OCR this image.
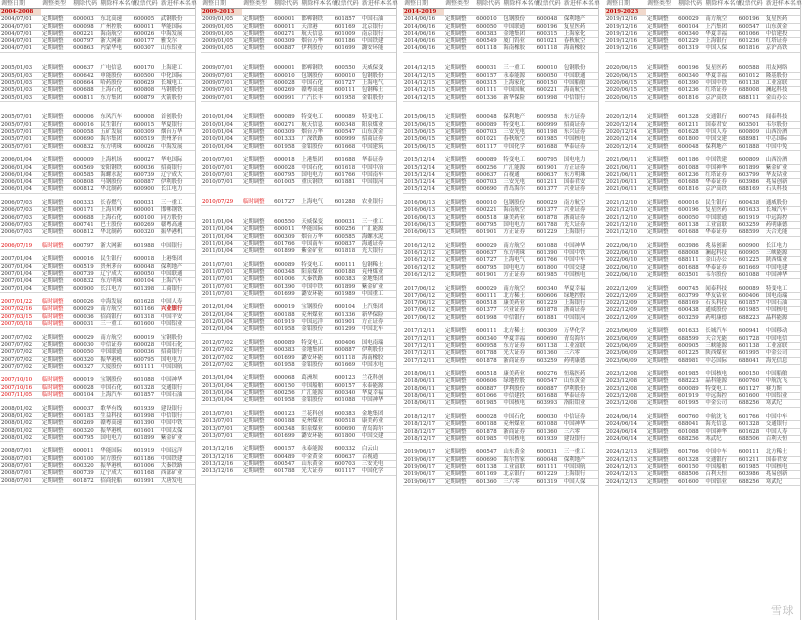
调整日期	调整类型	剔除代码	剔除样本名单	股票代码	新进样本名单
2004-2008					
2004/07/01	定期调整	600003	东北高速	600005	武钢股份
2004/07/01	定期调整	600098	广州控股	600011	华能国际
2004/07/01	定期调整	600221	海南航空	600026	中海发展
2004/07/01	定期调整	600797	浙大网新	600177	雅戈尔
2004/07/01	定期调整	600863	内蒙华电	600307	山东铝业

2005/01/03	定期调整	600637	广电信息	600170	上海建工
2005/01/03	定期调整	600642	申能股份	600500	中化国际
2005/01/03	定期调整	600664	哈药股份	600629	长城电工
2005/01/03	定期调整	600688	上海石化	600808	马钢股份
2005/01/03	定期调整	600811	东方集团	600879	火箭股份

2005/07/01	定期调整	600006	东风汽车	600008	首创股份
2005/07/01	定期调整	600016	民生银行	600015	华夏银行
2005/07/01	定期调整	600058	五矿发展	600309	烟台万华
2005/07/01	定期调整	600690	海尔集团	600519	贵州茅台
2005/07/01	定期调整	600832	东方明珠	600026	中海发展

2006/01/04	定期调整	600009	上海机场	600027	华电国际
2006/01/04	定期调整	600569	安阳钢铁	600036	招商银行
2006/01/04	定期调整	600585	海螺水泥	600739	辽宁成大
2006/01/04	定期调整	600808	马钢股份	600887	伊利股份
2006/01/04	定期调整	600812	华北制药	600900	长江电力

2006/07/03	定期调整	600333	长春燃气	600031	三一重工
2006/07/03	定期调整	600171	上海贝岭	600001	邯郸钢铁
2006/07/03	定期调整	600688	上海石化	600100	同方股份
2006/07/03	定期调整	600741	巴士股份	600269	赣粤高速
2006/07/03	定期调整	600812	华北制药	600320	振华港机

2006/07/19	临时调整	600797	浙大网新	601988	中国银行

2007/01/04	定期调整	600016	民生银行	600018	上港集团
2007/01/04	定期调整	600519	贵州茅台	600048	保利地产
2007/01/04	定期调整	600739	辽宁成大	600050	中国联通
2007/01/04	定期调整	600832	东方明珠	600104	上海汽车
2007/01/04	定期调整	600900	长江电力	601398	工商银行

2007/01/22	临时调整	600026	中海发展	601628	中国人寿
2007/02/16	临时调整	600029	南方航空	601166	兴业银行
2007/03/15	临时调整	600036	招商银行	601318	中国平安
2007/05/18	临时调整	600031	三一重工	601600	中国铝业

2007/07/02	定期调整	600029	南方航空	600019	宝钢股份
2007/07/02	定期调整	600030	中信证券	600028	中国石化
2007/07/02	定期调整	600050	中国联通	600036	招商银行
2007/07/02	定期调整	600320	振华港机	600795	国电电力
2007/07/02	定期调整	600327	大厦股份	601111	中国国航

2007/10/10	临时调整	600019	宝钢股份	601088	中国神华
2007/10/16	临时调整	600028	中国石化	601328	交通银行
2007/11/05	临时调整	600104	上海汽车	601857	中国石油

2008/01/02	定期调整	600037	歌华有线	601939	建设银行
2008/01/02	定期调整	600183	生益科技	601998	中信银行
2008/01/02	定期调整	600269	赣粤高速	601390	中国中铁
2008/01/02	定期调整	600320	振华港机	601601	中国太保
2008/01/02	定期调整	600795	国电电力	601899	紫金矿业

2008/07/01	定期调整	600011	华能国际	601919	中国远洋
2008/07/01	定期调整	600100	同方股份	601186	中国铁建
2008/07/01	定期调整	600320	振华港机	601006	大秦铁路
2008/07/01	定期调整	600739	辽宁成大	601168	西部矿业
2008/07/01	定期调整	601872	招商轮船	601991	大唐发电
调整日期	调整类型	剔除代码	剔除样本名单	股票代码	新进样本名单
2009-2013					
2009/01/05	定期调整	600001	邯郸钢铁	601857	中国石油
2009/01/05	定期调整	600011	天津港	601169	北京银行
2009/01/05	定期调整	600271	航天信息	601009	南京银行
2009/01/05	定期调整	600309	烟台万华	601186	中国铁建
2009/01/05	定期调整	600887	伊利股份	601699	潞安环能

2009/07/01	定期调整	600001	邯郸钢铁	600550	天威保变
2009/07/01	定期调整	600010	包钢股份	600010	包钢股份
2009/07/01	定期调整	600028	中国石化	601727	上海电气
2009/07/01	定期调整	600269	赣粤高速	600111	包钢稀土
2009/07/01	定期调整	600991	广汽长丰	601958	金钼股份

2010/01/04	定期调整	600089	特变电工	600089	特变电工
2010/01/04	定期调整	600271	航天信息	600348	阳泉煤业
2010/01/04	定期调整	600309	烟台万华	600547	山东黄金
2010/01/04	定期调整	601333	广深铁路	600999	招商证券
2010/01/04	定期调整	601958	金钼股份	601668	中国建筑

2010/07/01	定期调整	600018	上港集团	601688	华泰证券
2010/07/01	定期调整	600028	中国石化	601618	中国中冶
2010/07/01	定期调整	600795	国电电力	601766	中国南车
2010/07/01	定期调整	601005	重庆钢铁	601881	中国银河

2010/07/29	临时调整	601727	上海电气	601288	农业银行

2011/01/04	定期调整	600550	天威保变	600031	三一重工
2011/01/04	定期调整	600011	华能国际	600256	广汇能源
2011/01/04	定期调整	600309	烟台万华	600585	海螺水泥
2011/01/04	定期调整	601766	中国南车	600837	海通证券
2011/01/04	定期调整	601899	紫金矿业	601818	光大银行

2011/07/01	定期调整	600089	特变电工	600111	包钢稀土
2011/07/01	定期调整	600348	阳泉煤业	600188	兖州煤业
2011/07/01	定期调整	601006	大秦铁路	600383	金地集团
2011/07/01	定期调整	601390	中国中铁	601899	紫金矿业
2011/07/01	定期调整	601699	潞安环能	601989	中国重工

2012/01/04	定期调整	600019	宝钢股份	600104	上汽集团
2012/01/04	定期调整	600188	兖州煤业	601336	新华保险
2012/01/04	定期调整	601919	中国远洋	601901	方正证券
2012/01/04	定期调整	601958	金钼股份	601299	中国北车

2012/07/02	定期调整	600089	特变电工	600406	国电南瑞
2012/07/02	定期调整	600383	金地集团	600887	伊利股份
2012/07/02	定期调整	601699	潞安环能	601118	海南橡胶
2012/07/02	定期调整	601958	金钼股份	601669	中国水电

2013/01/04	定期调整	600068	葛洲坝	600123	兰花科创
2013/01/04	定期调整	600150	中国船舶	600157	永泰能源
2013/01/04	定期调整	600256	广汇能源	600340	华夏幸福
2013/01/04	定期调整	601958	金钼股份	601088	中国神华

2013/07/01	定期调整	600123	兰花科创	600383	金地集团
2013/07/01	定期调整	600188	兖州煤业	600518	康美药业
2013/07/01	定期调整	600348	阳泉煤业	600690	青岛海尔
2013/07/01	定期调整	601699	潞安环能	601800	中国交建

2013/12/16	定期调整	600157	永泰能源	600332	白云山
2013/12/16	定期调整	600489	中金黄金	600637	百视通
2013/12/16	定期调整	600547	山东黄金	600703	三安光电
2013/12/16	定期调整	601788	光大证券	601117	中国化学
调整日期	调整类型	剔除代码	剔除样本名单	股票代码	新进样本名单
2014-2019					
2014/06/16	定期调整	600010	包钢股份	600048	保利地产
2014/06/16	定期调整	600050	中国联通	600196	复星医药
2014/06/16	定期调整	600383	金地集团	600315	上海家化
2014/06/16	定期调整	600549	厦门钨业	601021	春秋航空
2014/06/16	定期调整	601118	海南橡胶	601118	海南橡胶

2014/12/15	定期调整	600031	三一重工	600010	包钢股份
2014/12/15	定期调整	600157	永泰能源	600050	中国联通
2014/12/15	定期调整	600315	上海家化	600150	中国船舶
2014/12/15	定期调整	601111	中国国航	600221	海南航空
2014/12/15	定期调整	601336	新华保险	601998	中信银行

2015/06/15	定期调整	600048	保利地产	600958	东方证券
2015/06/15	定期调整	600089	特变电工	600999	招商证券
2015/06/15	定期调整	600703	三安光电	601198	东兴证券
2015/06/15	定期调整	601021	春秋航空	601985	中国核电
2015/06/15	定期调整	601117	中国化学	601688	华泰证券

2015/12/14	定期调整	600089	特变电工	600795	国电电力
2015/12/14	定期调整	600256	广汇能源	601901	方正证券
2015/12/14	定期调整	600637	百视通	600637	东方明珠
2015/12/14	定期调整	600703	三安光电	601211	国泰君安
2015/12/14	定期调整	600690	青岛海尔	601377	兴业证券

2016/06/13	定期调整	600010	包钢股份	600029	南方航空
2016/06/13	定期调整	600221	海南航空	601377	兴业证券
2016/06/13	定期调整	600518	康美药业	601878	浙商证券
2016/06/13	定期调整	600795	国电电力	601788	光大证券
2016/06/13	定期调整	601901	方正证券	601229	上海银行

2016/12/12	定期调整	600029	南方航空	601088	中国神华
2016/12/12	定期调整	600637	东方明珠	601390	中国中铁
2016/12/12	定期调整	601727	上海电气	601766	中国中车
2016/12/12	定期调整	600795	国电电力	601800	中国交建
2016/12/12	定期调整	601901	方正证券	601985	中国核电

2017/06/12	定期调整	600029	南方航空	600340	华夏幸福
2017/06/12	定期调整	600111	北方稀土	600606	绿地控股
2017/06/12	定期调整	600518	康美药业	601229	上海银行
2017/06/12	定期调整	601377	兴业证券	601878	浙商证券
2017/06/12	定期调整	601998	中信银行	601881	中国银河

2017/12/11	定期调整	600111	北方稀土	600309	万华化学
2017/12/11	定期调整	600340	华夏幸福	600690	青岛海尔
2017/12/11	定期调整	600958	东方证券	601138	工业富联
2017/12/11	定期调整	601788	光大证券	601360	三六零
2017/12/11	定期调整	601878	浙商证券	603259	药明康德

2018/06/11	定期调整	600518	康美药业	600276	恒瑞医药
2018/06/11	定期调整	600606	绿地控股	600547	山东黄金
2018/06/11	定期调整	600887	伊利股份	600887	伊利股份
2018/06/11	定期调整	601066	中信建投	601688	华泰证券
2018/06/11	定期调整	601985	中国核电	603993	洛阳钼业

2018/12/17	定期调整	600028	中国石化	600030	中信证券
2018/12/17	定期调整	600188	兖州煤业	601088	中国神华
2018/12/17	定期调整	601878	浙商证券	601360	三六零
2018/12/17	定期调整	601985	中国核电	601939	建设银行

2019/06/17	定期调整	600547	山东黄金	600031	三一重工
2019/06/17	定期调整	600690	海尔智家	600048	保利地产
2019/06/17	定期调整	601138	工业富联	601111	中国国航
2019/06/17	定期调整	601169	北京银行	601229	上海银行
2019/06/17	定期调整	601360	三六零	601319	中国人保
调整日期	调整类型	剔除代码	剔除样本名单	股票代码	新进样本名单
2019-2023					
2019/12/16	定期调整	600029	南方航空	600196	复星医药
2019/12/16	定期调整	600104	上汽集团	600547	山东黄金
2019/12/16	定期调整	600340	华夏幸福	601066	中信建投
2019/12/16	定期调整	601229	上海银行	601236	红塔证券
2019/12/16	定期调整	601319	中国人保	601816	京沪高铁

2020/06/15	定期调整	600196	复星医药	600588	用友网络
2020/06/15	定期调整	600340	华夏幸福	601012	隆基股份
2020/06/15	定期调整	601390	中国中铁	601138	工业富联
2020/06/15	定期调整	601236	红塔证券	688008	澜起科技
2020/06/15	定期调整	601816	京沪高铁	688111	金山办公

2020/12/14	定期调整	601328	交通银行	600745	闻泰科技
2020/12/14	定期调整	601211	国泰君安	603501	韦尔股份
2020/12/14	定期调整	601628	中国人寿	600809	山西汾酒
2020/12/14	定期调整	601800	中国交建	688981	中芯国际
2020/12/14	定期调整	600048	保利地产	601888	中国中免

2021/06/11	定期调整	601186	中国铁建	600809	山西汾酒
2021/06/11	定期调整	601088	中国神华	601899	紫金矿业
2021/06/11	定期调整	601236	红塔证券	603799	华友钴业
2021/06/11	定期调整	601688	华泰证券	603986	兆易创新
2021/06/11	定期调整	601816	京沪高铁	688169	石头科技

2021/12/10	定期调整	600016	民生银行	600438	通威股份
2021/12/10	定期调整	600196	复星医药	601633	长城汽车
2021/12/10	定期调整	600050	中国联通	601919	中远海控
2021/12/10	定期调整	601138	工业富联	603259	药明康德
2021/12/10	定期调整	601688	华泰证券	688599	天合光能

2022/06/10	定期调整	603986	兆易创新	600900	长江电力
2022/06/10	定期调整	688008	澜起科技	600905	三峡能源
2022/06/10	定期调整	688111	金山办公	601225	陕西煤业
2022/06/10	定期调整	601688	华泰证券	601669	中国电建
2022/06/10	定期调整	603501	韦尔股份	601088	中国神华

2022/12/09	定期调整	600745	闻泰科技	600089	特变电工
2022/12/09	定期调整	603799	华友钴业	600406	国电南瑞
2022/12/09	定期调整	688169	石头科技	601857	中国石油
2022/12/09	定期调整	600438	通威股份	601985	中国核电
2022/12/09	定期调整	603259	药明康德	688223	晶科能源

2023/06/09	定期调整	601633	长城汽车	600941	中国移动
2023/06/09	定期调整	688599	天合光能	601728	中国电信
2023/06/09	定期调整	600905	三峡能源	601138	工业富联
2023/06/09	定期调整	601225	陕西煤业	601995	中金公司
2023/06/09	定期调整	688981	中芯国际	688041	海光信息

2023/12/08	定期调整	601985	中国核电	600150	中国船舶
2023/12/08	定期调整	688223	晶科能源	600760	中航沈飞
2023/12/08	定期调整	600089	特变电工	601127	赛力斯
2023/12/08	定期调整	601919	中远海控	601600	中国铝业
2023/12/08	定期调整	601995	中金公司	688256	寒武纪

2024/06/14	定期调整	600760	中航沈飞	601766	中国中车
2024/06/14	定期调整	688041	海光信息	601328	交通银行
2024/06/14	定期调整	601088	中国神华	601628	中国人寿
2024/06/14	定期调整	688256	寒武纪	688506	百利天恒

2024/12/13	定期调整	601766	中国中车	600111	北方稀土
2024/12/13	定期调整	601328	交通银行	601211	国泰君安
2024/12/13	定期调整	600150	中国船舶	601985	中国核电
2024/12/13	定期调整	688506	百利天恒	603986	兆易创新
2024/12/13	定期调整	601600	中国铝业	688256	寒武纪
雪球
